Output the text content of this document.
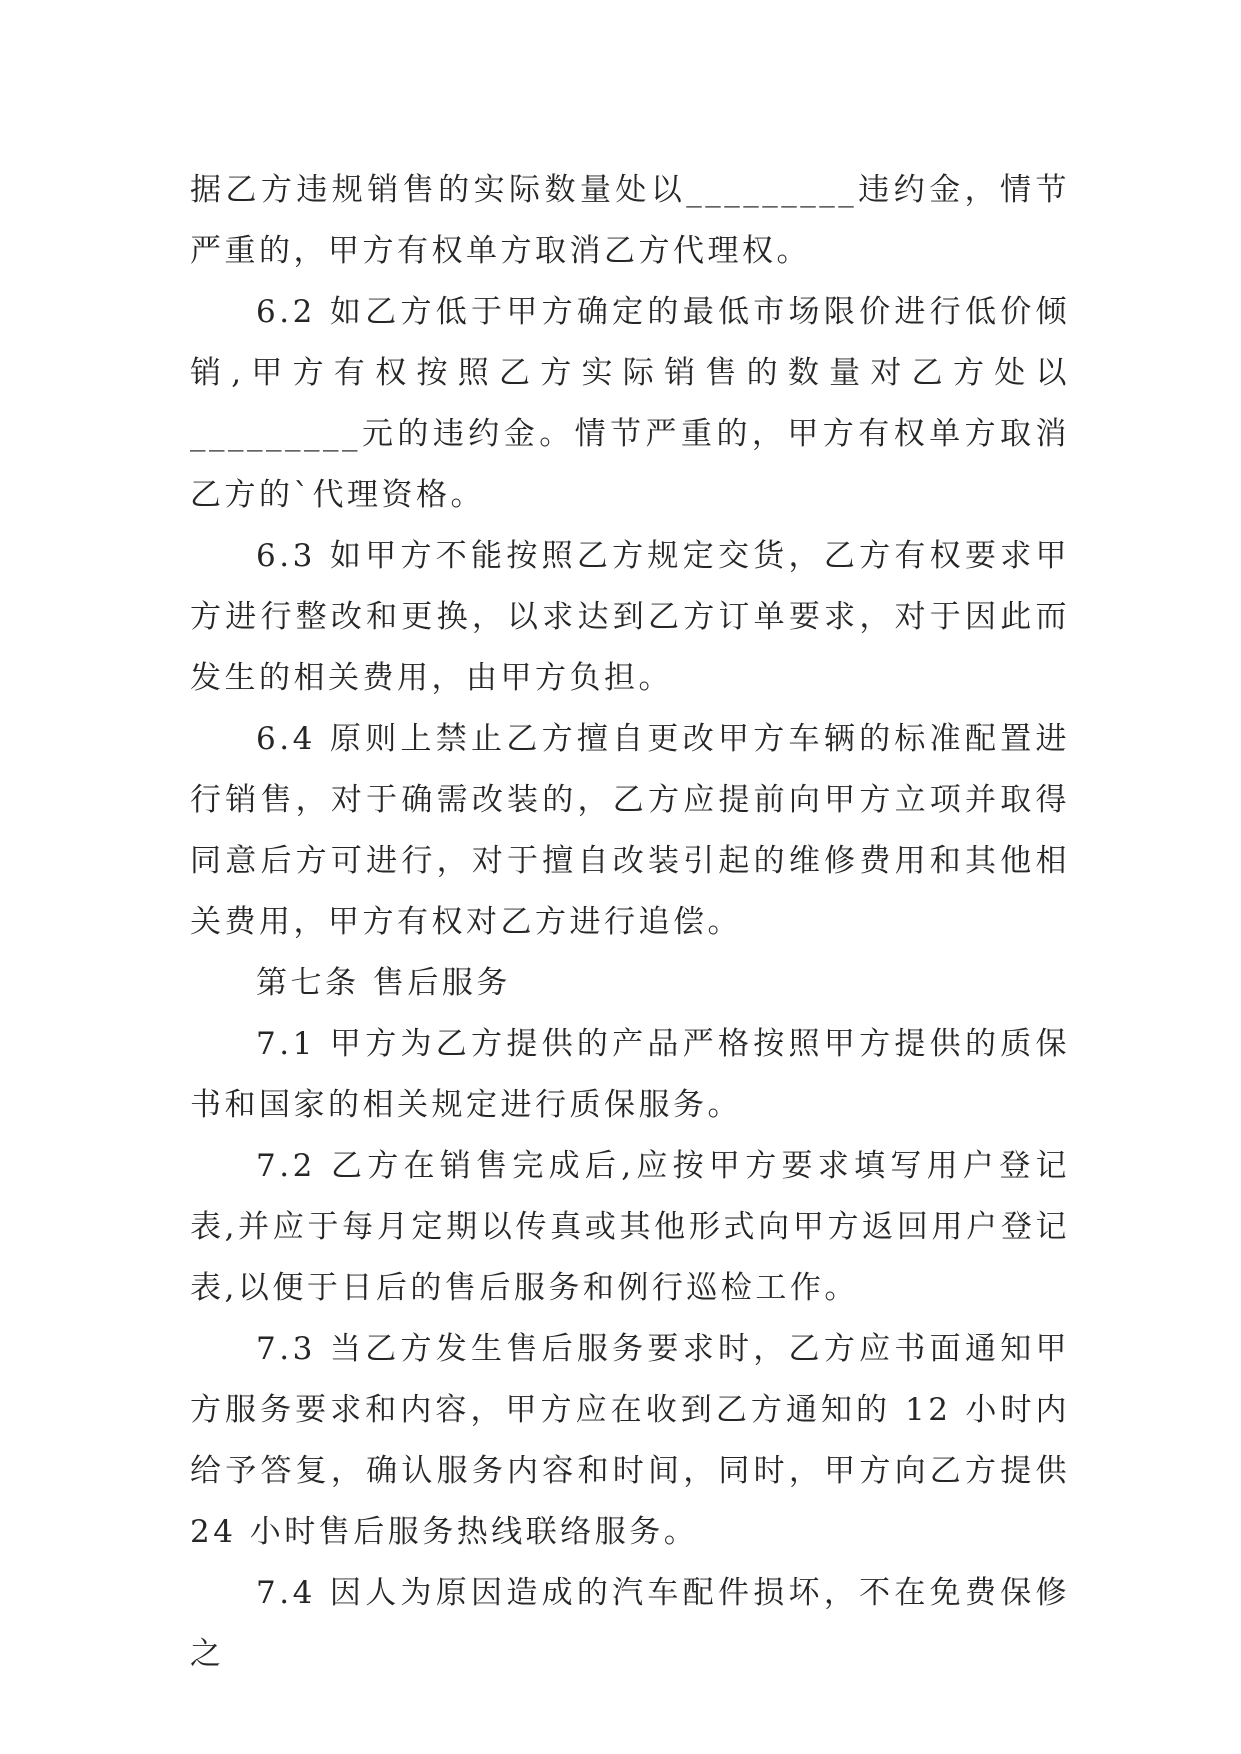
据乙方违规销售的实际数量处以_________违约金，情节严重的，甲方有权单方取消乙方代理权。

6.2 如乙方低于甲方确定的最低市场限价进行低价倾销,甲方有权按照乙方实际销售的数量对乙方处以_________元的违约金。情节严重的，甲方有权单方取消乙方的`代理资格。

6.3 如甲方不能按照乙方规定交货，乙方有权要求甲方进行整改和更换，以求达到乙方订单要求，对于因此而发生的相关费用，由甲方负担。

6.4 原则上禁止乙方擅自更改甲方车辆的标准配置进行销售，对于确需改装的，乙方应提前向甲方立项并取得同意后方可进行，对于擅自改装引起的维修费用和其他相关费用，甲方有权对乙方进行追偿。

第七条 售后服务

7.1 甲方为乙方提供的产品严格按照甲方提供的质保书和国家的相关规定进行质保服务。

7.2 乙方在销售完成后,应按甲方要求填写用户登记表,并应于每月定期以传真或其他形式向甲方返回用户登记表,以便于日后的售后服务和例行巡检工作。

7.3 当乙方发生售后服务要求时，乙方应书面通知甲方服务要求和内容，甲方应在收到乙方通知的 12 小时内给予答复，确认服务内容和时间，同时，甲方向乙方提供 24 小时售后服务热线联络服务。

7.4 因人为原因造成的汽车配件损坏，不在免费保修之
